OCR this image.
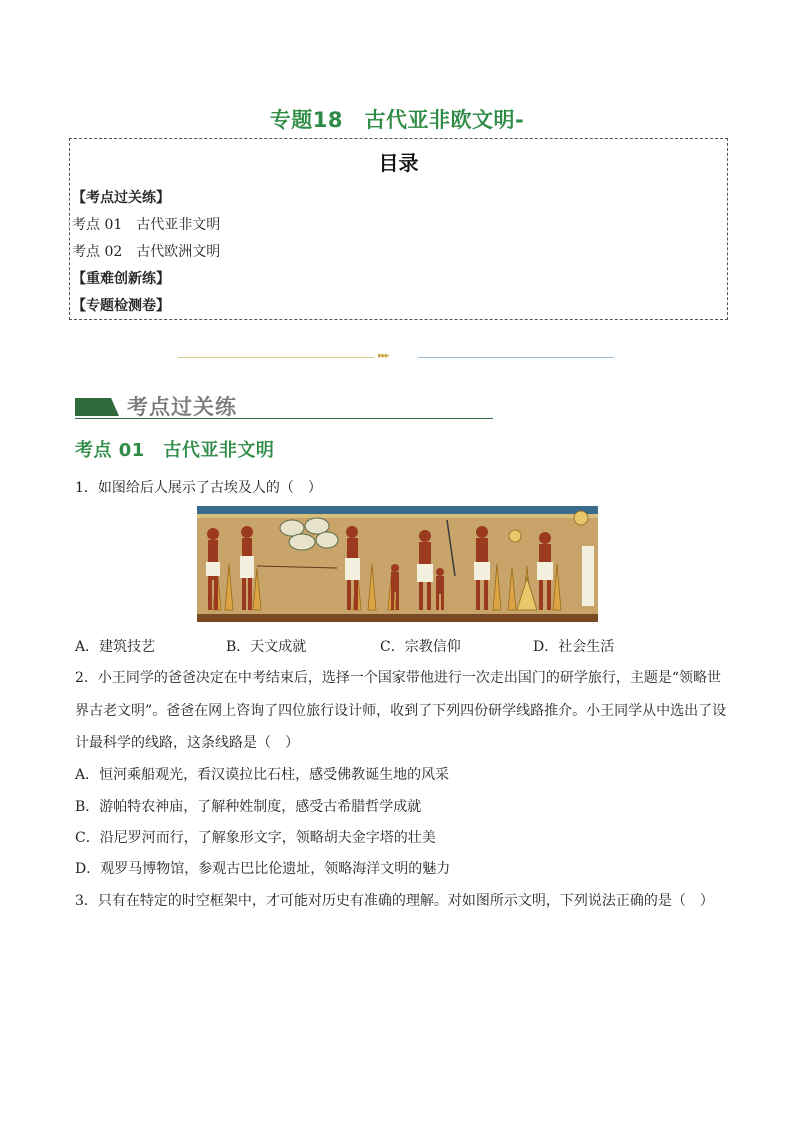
专题18　古代亚非欧文明-
目录
【考点过关练】
考点 01　古代亚非文明
考点 02　古代欧洲文明
【重难创新练】
【专题检测卷】
▸▸▸
考点过关练
考点 01　古代亚非文明
1．如图给后人展示了古埃及人的（　）
A．建筑技艺	B．天文成就	C．宗教信仰	D．社会生活
2．小王同学的爸爸决定在中考结束后，选择一个国家带他进行一次走出国门的研学旅行，主题是“领略世
界古老文明”。爸爸在网上咨询了四位旅行设计师，收到了下列四份研学线路推介。小王同学从中选出了设
计最科学的线路，这条线路是（　）
A．恒河乘船观光，看汉谟拉比石柱，感受佛教诞生地的风采
B．游帕特农神庙，了解种姓制度，感受古希腊哲学成就
C．沿尼罗河而行，了解象形文字，领略胡夫金字塔的壮美
D．观罗马博物馆，参观古巴比伦遗址，领略海洋文明的魅力
3．只有在特定的时空框架中，才可能对历史有准确的理解。对如图所示文明，下列说法正确的是（　）
